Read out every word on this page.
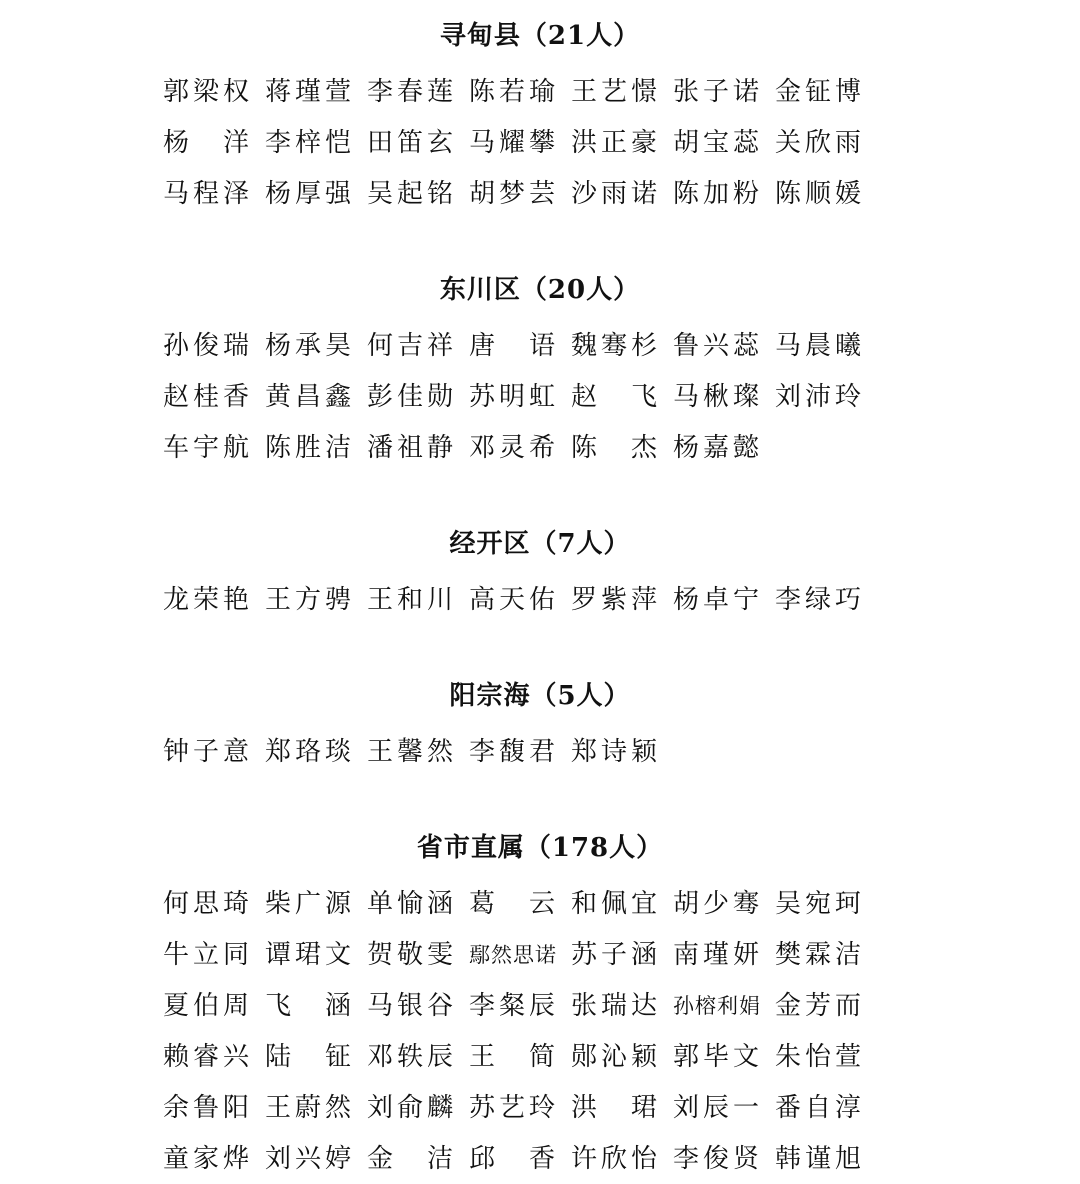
寻甸县（21人）
郭梁权 蒋瑾萱 李春莲 陈若瑜 王艺憬 张子诺 金钲博
杨　洋 李梓恺 田笛玄 马耀攀 洪正豪 胡宝蕊 关欣雨
马程泽 杨厚强 吴起铭 胡梦芸 沙雨诺 陈加粉 陈顺媛
东川区（20人）
孙俊瑞 杨承昊 何吉祥 唐　语 魏骞杉 鲁兴蕊 马晨曦
赵桂香 黄昌鑫 彭佳勋 苏明虹 赵　飞 马楸璨 刘沛玲
车宇航 陈胜洁 潘祖静 邓灵希 陈　杰 杨嘉懿
经开区（7人）
龙荣艳 王方骋 王和川 高天佑 罗紫萍 杨卓宁 李绿巧
阳宗海（5人）
钟子意 郑珞琰 王馨然 李馥君 郑诗颖
省市直属（178人）
何思琦 柴广源 单愉涵 葛　云 和佩宜 胡少骞 吴宛珂
牛立同 谭珺文 贺敬雯 鄢然思诺 苏子涵 南瑾妍 樊霖洁
夏伯周 飞　涵 马银谷 李粲辰 张瑞达 孙榕利娟 金芳而
赖睿兴 陆　钲 邓轶辰 王　简 郧沁颖 郭毕文 朱怡萱
余鲁阳 王蔚然 刘俞麟 苏艺玲 洪　珺 刘辰一 番自淳
童家烨 刘兴婷 金　洁 邱　香 许欣怡 李俊贤 韩谨旭
